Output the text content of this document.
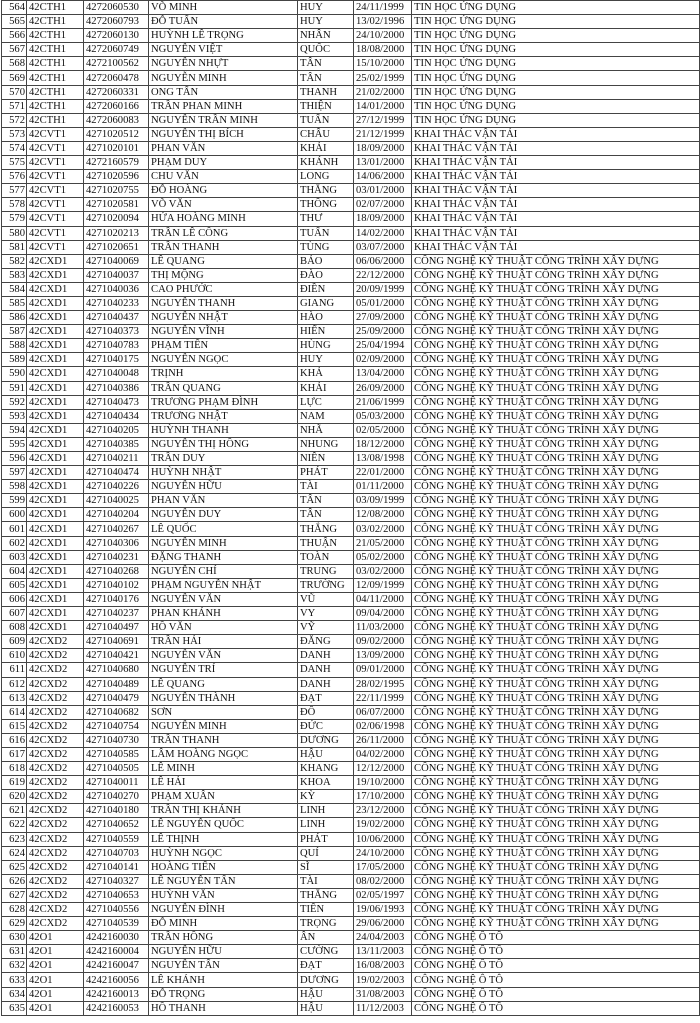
564	42CTH1	4272060530	VÕ MINH	HUY	24/11/1999	TIN HỌC ỨNG DỤNG
565	42CTH1	4272060793	ĐỖ TUẤN	HUY	13/02/1996	TIN HỌC ỨNG DỤNG
566	42CTH1	4272060130	HUỲNH LÊ TRỌNG	NHÂN	24/10/2000	TIN HỌC ỨNG DỤNG
567	42CTH1	4272060749	NGUYỄN VIỆT	QUỐC	18/08/2000	TIN HỌC ỨNG DỤNG
568	42CTH1	4272100562	NGUYỄN NHỰT	TÂN	15/10/2000	TIN HỌC ỨNG DỤNG
569	42CTH1	4272060478	NGUYỄN MINH	TÂN	25/02/1999	TIN HỌC ỨNG DỤNG
570	42CTH1	4272060331	ONG TẤN	THANH	21/02/2000	TIN HỌC ỨNG DỤNG
571	42CTH1	4272060166	TRẦN PHAN MINH	THIỆN	14/01/2000	TIN HỌC ỨNG DỤNG
572	42CTH1	4272060083	NGUYỄN TRẦN MINH	TUẤN	27/12/1999	TIN HỌC ỨNG DỤNG
573	42CVT1	4271020512	NGUYỄN THỊ BÍCH	CHÂU	21/12/1999	KHAI THÁC VẬN TẢI
574	42CVT1	4271020101	PHAN VĂN	KHẢI	18/09/2000	KHAI THÁC VẬN TẢI
575	42CVT1	4272160579	PHẠM DUY	KHÁNH	13/01/2000	KHAI THÁC VẬN TẢI
576	42CVT1	4271020596	CHU VĂN	LONG	14/06/2000	KHAI THÁC VẬN TẢI
577	42CVT1	4271020755	ĐỖ HOÀNG	THẮNG	03/01/2000	KHAI THÁC VẬN TẢI
578	42CVT1	4271020581	VÕ VĂN	THÔNG	02/07/2000	KHAI THÁC VẬN TẢI
579	42CVT1	4271020094	HỨA HOÀNG MINH	THƯ	18/09/2000	KHAI THÁC VẬN TẢI
580	42CVT1	4271020213	TRẦN LÊ CÔNG	TUẤN	14/02/2000	KHAI THÁC VẬN TẢI
581	42CVT1	4271020651	TRẦN THANH	TÙNG	03/07/2000	KHAI THÁC VẬN TẢI
582	42CXD1	4271040069	LÊ QUANG	BẢO	06/06/2000	CÔNG NGHỆ KỸ THUẬT CÔNG TRÌNH XÂY DỰNG
583	42CXD1	4271040037	THỊ MỘNG	ĐÀO	22/12/2000	CÔNG NGHỆ KỸ THUẬT CÔNG TRÌNH XÂY DỰNG
584	42CXD1	4271040036	CAO PHƯỚC	ĐIỀN	20/09/1999	CÔNG NGHỆ KỸ THUẬT CÔNG TRÌNH XÂY DỰNG
585	42CXD1	4271040233	NGUYỄN THANH	GIANG	05/01/2000	CÔNG NGHỆ KỸ THUẬT CÔNG TRÌNH XÂY DỰNG
586	42CXD1	4271040437	NGUYỄN NHẬT	HÀO	27/09/2000	CÔNG NGHỆ KỸ THUẬT CÔNG TRÌNH XÂY DỰNG
587	42CXD1	4271040373	NGUYỄN VĨNH	HIỂN	25/09/2000	CÔNG NGHỆ KỸ THUẬT CÔNG TRÌNH XÂY DỰNG
588	42CXD1	4271040783	PHẠM TIẾN	HÙNG	25/04/1994	CÔNG NGHỆ KỸ THUẬT CÔNG TRÌNH XÂY DỰNG
589	42CXD1	4271040175	NGUYỄN NGỌC	HUY	02/09/2000	CÔNG NGHỆ KỸ THUẬT CÔNG TRÌNH XÂY DỰNG
590	42CXD1	4271040048	TRỊNH	KHẢ	13/04/2000	CÔNG NGHỆ KỸ THUẬT CÔNG TRÌNH XÂY DỰNG
591	42CXD1	4271040386	TRẦN QUANG	KHẢI	26/09/2000	CÔNG NGHỆ KỸ THUẬT CÔNG TRÌNH XÂY DỰNG
592	42CXD1	4271040473	TRƯƠNG PHẠM ĐÌNH	LỰC	21/06/1999	CÔNG NGHỆ KỸ THUẬT CÔNG TRÌNH XÂY DỰNG
593	42CXD1	4271040434	TRƯƠNG NHẬT	NAM	05/03/2000	CÔNG NGHỆ KỸ THUẬT CÔNG TRÌNH XÂY DỰNG
594	42CXD1	4271040205	HUỲNH THANH	NHÃ	02/05/2000	CÔNG NGHỆ KỸ THUẬT CÔNG TRÌNH XÂY DỰNG
595	42CXD1	4271040385	NGUYỄN THỊ HỒNG	NHUNG	18/12/2000	CÔNG NGHỆ KỸ THUẬT CÔNG TRÌNH XÂY DỰNG
596	42CXD1	4271040211	TRẦN DUY	NIÊN	13/08/1998	CÔNG NGHỆ KỸ THUẬT CÔNG TRÌNH XÂY DỰNG
597	42CXD1	4271040474	HUỲNH NHẬT	PHÁT	22/01/2000	CÔNG NGHỆ KỸ THUẬT CÔNG TRÌNH XÂY DỰNG
598	42CXD1	4271040226	NGUYỄN HỮU	TÀI	01/11/2000	CÔNG NGHỆ KỸ THUẬT CÔNG TRÌNH XÂY DỰNG
599	42CXD1	4271040025	PHAN VĂN	TÂN	03/09/1999	CÔNG NGHỆ KỸ THUẬT CÔNG TRÌNH XÂY DỰNG
600	42CXD1	4271040204	NGUYỄN DUY	TÂN	12/08/2000	CÔNG NGHỆ KỸ THUẬT CÔNG TRÌNH XÂY DỰNG
601	42CXD1	4271040267	LÊ QUỐC	THẮNG	03/02/2000	CÔNG NGHỆ KỸ THUẬT CÔNG TRÌNH XÂY DỰNG
602	42CXD1	4271040306	NGUYỄN MINH	THUẬN	21/05/2000	CÔNG NGHỆ KỸ THUẬT CÔNG TRÌNH XÂY DỰNG
603	42CXD1	4271040231	ĐẶNG THANH	TOÀN	05/02/2000	CÔNG NGHỆ KỸ THUẬT CÔNG TRÌNH XÂY DỰNG
604	42CXD1	4271040268	NGUYỄN CHÍ	TRUNG	03/02/2000	CÔNG NGHỆ KỸ THUẬT CÔNG TRÌNH XÂY DỰNG
605	42CXD1	4271040102	PHẠM NGUYỄN NHẬT	TRƯỜNG	12/09/1999	CÔNG NGHỆ KỸ THUẬT CÔNG TRÌNH XÂY DỰNG
606	42CXD1	4271040176	NGUYỄN VĂN	VŨ	04/11/2000	CÔNG NGHỆ KỸ THUẬT CÔNG TRÌNH XÂY DỰNG
607	42CXD1	4271040237	PHAN KHÁNH	VY	09/04/2000	CÔNG NGHỆ KỸ THUẬT CÔNG TRÌNH XÂY DỰNG
608	42CXD1	4271040497	HỒ VĂN	VỸ	11/03/2000	CÔNG NGHỆ KỸ THUẬT CÔNG TRÌNH XÂY DỰNG
609	42CXD2	4271040691	TRẦN HẢI	ĐĂNG	09/02/2000	CÔNG NGHỆ KỸ THUẬT CÔNG TRÌNH XÂY DỰNG
610	42CXD2	4271040421	NGUYỄN VĂN	DANH	13/09/2000	CÔNG NGHỆ KỸ THUẬT CÔNG TRÌNH XÂY DỰNG
611	42CXD2	4271040680	NGUYỄN TRÍ	DANH	09/01/2000	CÔNG NGHỆ KỸ THUẬT CÔNG TRÌNH XÂY DỰNG
612	42CXD2	4271040489	LÊ QUANG	DANH	28/02/1995	CÔNG NGHỆ KỸ THUẬT CÔNG TRÌNH XÂY DỰNG
613	42CXD2	4271040479	NGUYỄN THÀNH	ĐẠT	22/11/1999	CÔNG NGHỆ KỸ THUẬT CÔNG TRÌNH XÂY DỰNG
614	42CXD2	4271040682	SƠN	ĐÔ	06/07/2000	CÔNG NGHỆ KỸ THUẬT CÔNG TRÌNH XÂY DỰNG
615	42CXD2	4271040754	NGUYỄN MINH	ĐỨC	02/06/1998	CÔNG NGHỆ KỸ THUẬT CÔNG TRÌNH XÂY DỰNG
616	42CXD2	4271040730	TRẦN THANH	DƯƠNG	26/11/2000	CÔNG NGHỆ KỸ THUẬT CÔNG TRÌNH XÂY DỰNG
617	42CXD2	4271040585	LÂM HOÀNG NGỌC	HẬU	04/02/2000	CÔNG NGHỆ KỸ THUẬT CÔNG TRÌNH XÂY DỰNG
618	42CXD2	4271040505	LÊ MINH	KHANG	12/12/2000	CÔNG NGHỆ KỸ THUẬT CÔNG TRÌNH XÂY DỰNG
619	42CXD2	4271040011	LÊ HẢI	KHOA	19/10/2000	CÔNG NGHỆ KỸ THUẬT CÔNG TRÌNH XÂY DỰNG
620	42CXD2	4271040270	PHẠM XUÂN	KỲ	17/10/2000	CÔNG NGHỆ KỸ THUẬT CÔNG TRÌNH XÂY DỰNG
621	42CXD2	4271040180	TRẦN THỊ KHÁNH	LINH	23/12/2000	CÔNG NGHỆ KỸ THUẬT CÔNG TRÌNH XÂY DỰNG
622	42CXD2	4271040652	LÊ NGUYỄN QUỐC	LINH	19/02/2000	CÔNG NGHỆ KỸ THUẬT CÔNG TRÌNH XÂY DỰNG
623	42CXD2	4271040559	LÊ THỊNH	PHÁT	10/06/2000	CÔNG NGHỆ KỸ THUẬT CÔNG TRÌNH XÂY DỰNG
624	42CXD2	4271040703	HUỲNH NGỌC	QUÍ	24/10/2000	CÔNG NGHỆ KỸ THUẬT CÔNG TRÌNH XÂY DỰNG
625	42CXD2	4271040141	HOÀNG TIẾN	SĨ	17/05/2000	CÔNG NGHỆ KỸ THUẬT CÔNG TRÌNH XÂY DỰNG
626	42CXD2	4271040327	LÊ NGUYỄN TẤN	TÀI	08/02/2000	CÔNG NGHỆ KỸ THUẬT CÔNG TRÌNH XÂY DỰNG
627	42CXD2	4271040653	HUỲNH VĂN	THẮNG	02/05/1997	CÔNG NGHỆ KỸ THUẬT CÔNG TRÌNH XÂY DỰNG
628	42CXD2	4271040556	NGUYỄN ĐÌNH	TIẾN	19/06/1993	CÔNG NGHỆ KỸ THUẬT CÔNG TRÌNH XÂY DỰNG
629	42CXD2	4271040539	ĐỖ MINH	TRỌNG	29/06/2000	CÔNG NGHỆ KỸ THUẬT CÔNG TRÌNH XÂY DỰNG
630	42O1	4242160030	TRẦN HỒNG	ÂN	24/04/2003	CÔNG NGHỆ Ô TÔ
631	42O1	4242160004	NGUYỄN HỮU	CƯỜNG	13/11/2003	CÔNG NGHỆ Ô TÔ
632	42O1	4242160047	NGUYỄN TẤN	ĐẠT	16/08/2003	CÔNG NGHỆ Ô TÔ
633	42O1	4242160056	LÊ KHÁNH	DƯƠNG	19/02/2003	CÔNG NGHỆ Ô TÔ
634	42O1	4242160013	ĐỖ TRỌNG	HẬU	31/08/2003	CÔNG NGHỆ Ô TÔ
635	42O1	4242160053	HỒ THANH	HẬU	11/12/2003	CÔNG NGHỆ Ô TÔ
